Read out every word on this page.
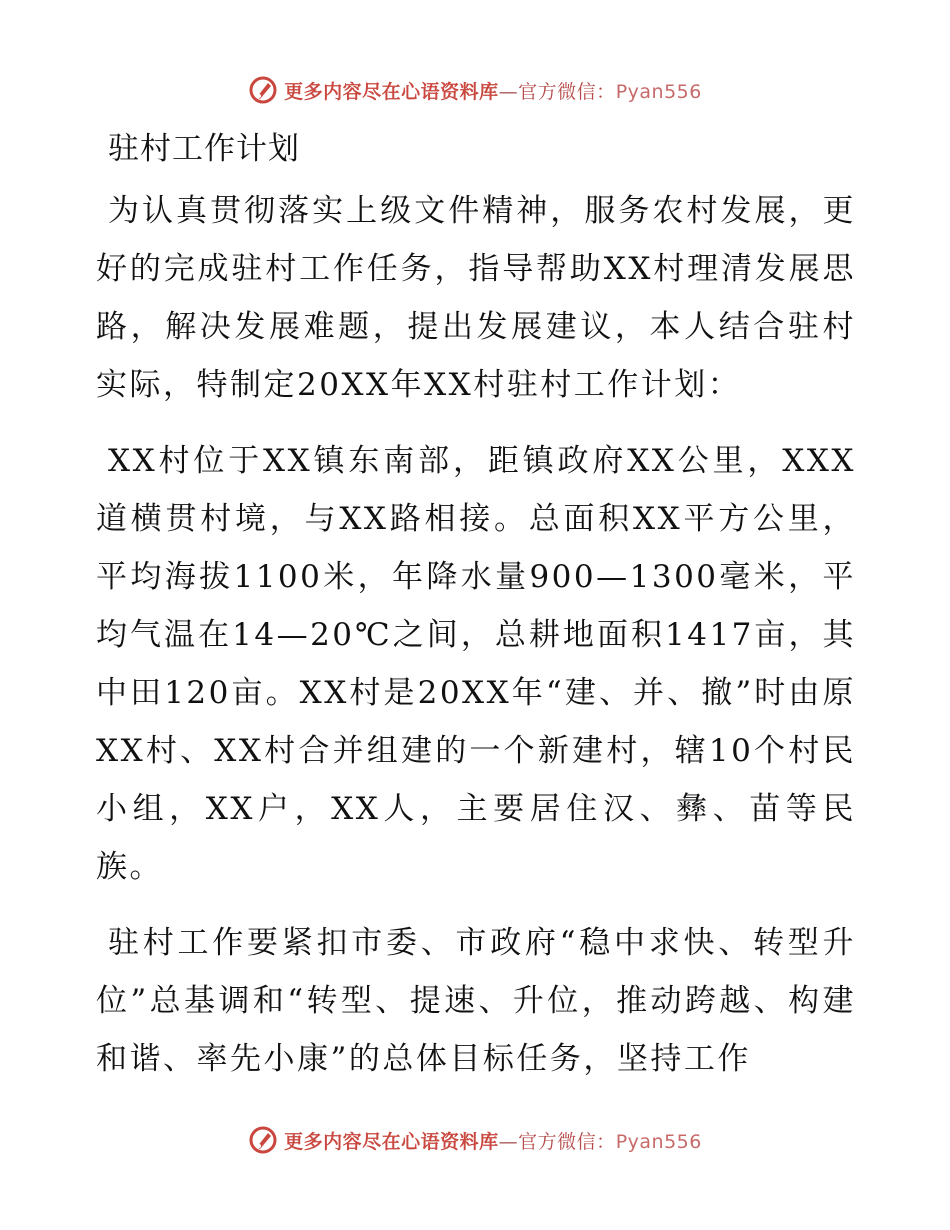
更多内容尽在心语资料库—官方微信：Pyan556
驻村工作计划

为认真贯彻落实上级文件精神，服务农村发展，更好的完成驻村工作任务，指导帮助XX村理清发展思路，解决发展难题，提出发展建议，本人结合驻村实际，特制定20XX年XX村驻村工作计划：

XX村位于XX镇东南部，距镇政府XX公里，XXX道横贯村境，与XX路相接。总面积XX平方公里，平均海拔1100米，年降水量900—1300毫米，平均气温在14—20℃之间，总耕地面积1417亩，其中田120亩。XX村是20XX年“建、并、撤”时由原XX村、XX村合并组建的一个新建村，辖10个村民小组，XX户，XX人，主要居住汉、彝、苗等民族。

驻村工作要紧扣市委、市政府“稳中求快、转型升位”总基调和“转型、提速、升位，推动跨越、构建和谐、率先小康”的总体目标任务，坚持工作

更多内容尽在心语资料库—官方微信：Pyan556
